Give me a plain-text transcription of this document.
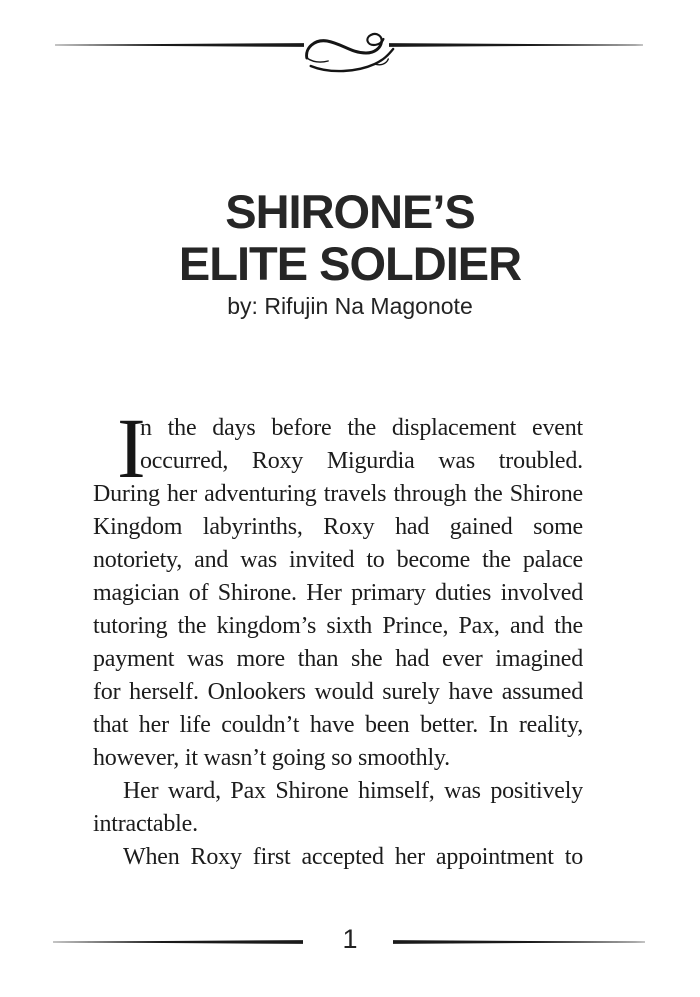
SHIRONE’S
ELITE SOLDIER
by: Rifujin Na Magonote
I
n the days before the displacement event
occurred, Roxy Migurdia was troubled.
During her adventuring travels through the Shirone
Kingdom labyrinths, Roxy had gained some
notoriety, and was invited to become the palace
magician of Shirone. Her primary duties involved
tutoring the kingdom’s sixth Prince, Pax, and the
payment was more than she had ever imagined
for herself. Onlookers would surely have assumed
that her life couldn’t have been better. In reality,
however, it wasn’t going so smoothly.
Her ward, Pax Shirone himself, was positively
intractable.
When Roxy first accepted her appointment to
1
